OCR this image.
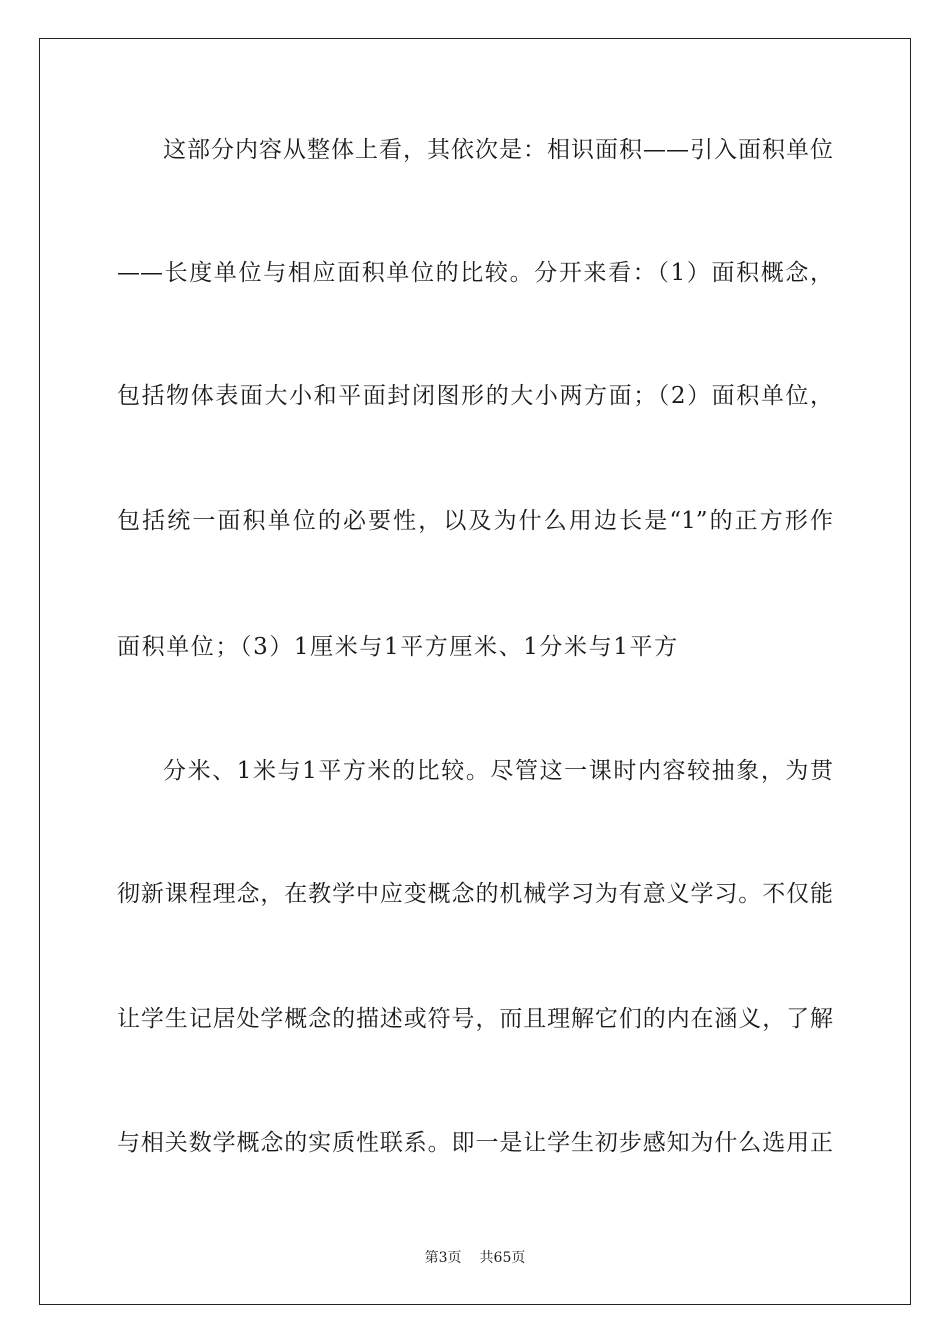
这部分内容从整体上看，其依次是：相识面积——引入面积单位
——长度单位与相应面积单位的比较。分开来看：（1）面积概念，
包括物体表面大小和平面封闭图形的大小两方面；（2）面积单位，
包括统一面积单位的必要性，以及为什么用边长是“1”的正方形作
面积单位；（3）1厘米与1平方厘米、1分米与1平方
分米、1米与1平方米的比较。尽管这一课时内容较抽象，为贯
彻新课程理念，在教学中应变概念的机械学习为有意义学习。不仅能
让学生记居处学概念的描述或符号，而且理解它们的内在涵义，了解
与相关数学概念的实质性联系。即一是让学生初步感知为什么选用正
第3页 共65页
